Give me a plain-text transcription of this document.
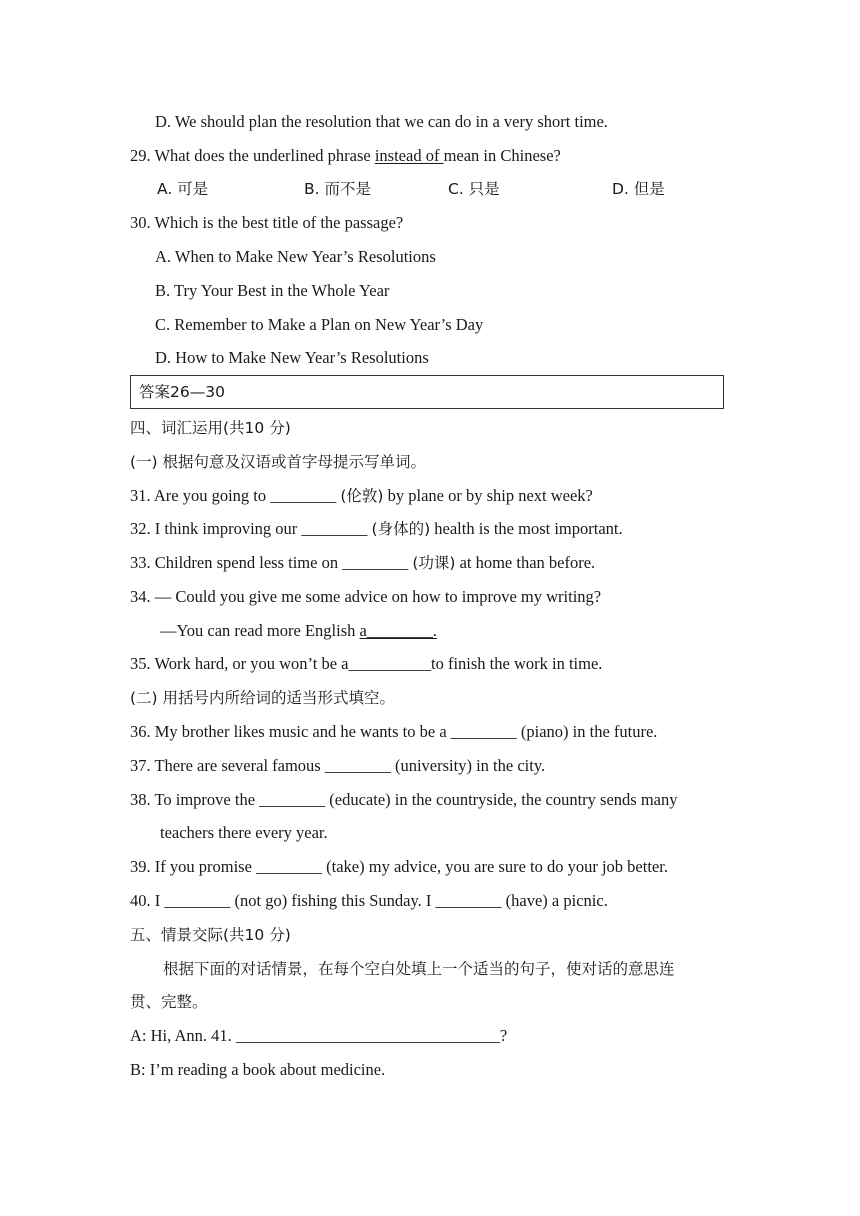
D. We should plan the resolution that we can do in a very short time.
29. What does the underlined phrase instead of mean in Chinese?
A. 可是	B. 而不是	C. 只是	D. 但是
30. Which is the best title of the passage?
A. When to Make New Year’s Resolutions
B. Try Your Best in the Whole Year
C. Remember to Make a Plan on New Year’s Day
D. How to Make New Year’s Resolutions
答案26—30
四、词汇运用(共10 分)
(一) 根据句意及汉语或首字母提示写单词。
31. Are you going to ________ (伦敦) by plane or by ship next week?
32. I think improving our ________ (身体的) health is the most important.
33. Children spend less time on ________ (功课) at home than before.
34. — Could you give me some advice on how to improve my writing?
—You can read more English a________.
35. Work hard, or you won’t be a__________to finish the work in time.
(二) 用括号内所给词的适当形式填空。
36. My brother likes music and he wants to be a ________ (piano) in the future.
37. There are several famous ________ (university) in the city.
38. To improve the ________ (educate) in the countryside, the country sends many
teachers there every year.
39. If you promise ________ (take) my advice, you are sure to do your job better.
40. I ________ (not go) fishing this Sunday. I ________ (have) a picnic.
五、情景交际(共10 分)
根据下面的对话情景，在每个空白处填上一个适当的句子，使对话的意思连
贯、完整。
A: Hi, Ann. 41. ________________________________?
B: I’m reading a book about medicine.
